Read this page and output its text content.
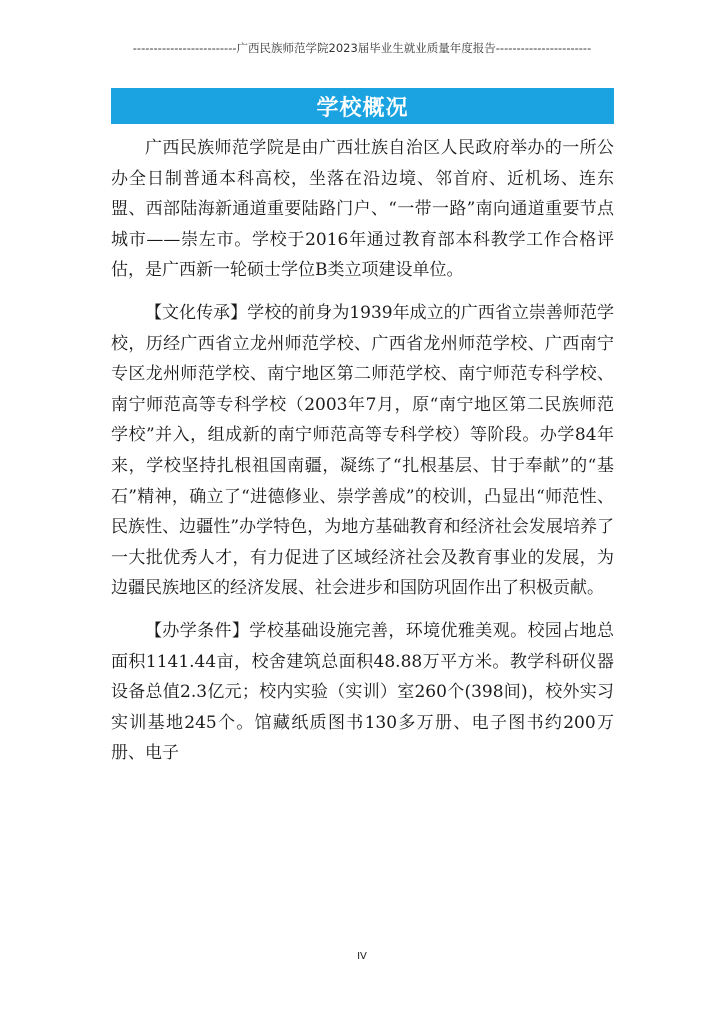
-------------------------广西民族师范学院2023届毕业生就业质量年度报告-----------------------
学校概况

广西民族师范学院是由广西壮族自治区人民政府举办的一所公办全日制普通本科高校，坐落在沿边境、邻首府、近机场、连东盟、西部陆海新通道重要陆路门户、“一带一路”南向通道重要节点城市——崇左市。学校于2016年通过教育部本科教学工作合格评估，是广西新一轮硕士学位B类立项建设单位。

【文化传承】学校的前身为1939年成立的广西省立崇善师范学校，历经广西省立龙州师范学校、广西省龙州师范学校、广西南宁专区龙州师范学校、南宁地区第二师范学校、南宁师范专科学校、南宁师范高等专科学校（2003年7月，原“南宁地区第二民族师范学校”并入，组成新的南宁师范高等专科学校）等阶段。办学84年来，学校坚持扎根祖国南疆，凝练了“扎根基层、甘于奉献”的“基石”精神，确立了“进德修业、崇学善成”的校训，凸显出“师范性、民族性、边疆性”办学特色，为地方基础教育和经济社会发展培养了一大批优秀人才，有力促进了区域经济社会及教育事业的发展，为边疆民族地区的经济发展、社会进步和国防巩固作出了积极贡献。

【办学条件】学校基础设施完善，环境优雅美观。校园占地总面积1141.44亩，校舍建筑总面积48.88万平方米。教学科研仪器设备总值2.3亿元；校内实验（实训）室260个(398间)，校外实习实训基地245个。馆藏纸质图书130多万册、电子图书约200万册、电子

IV
